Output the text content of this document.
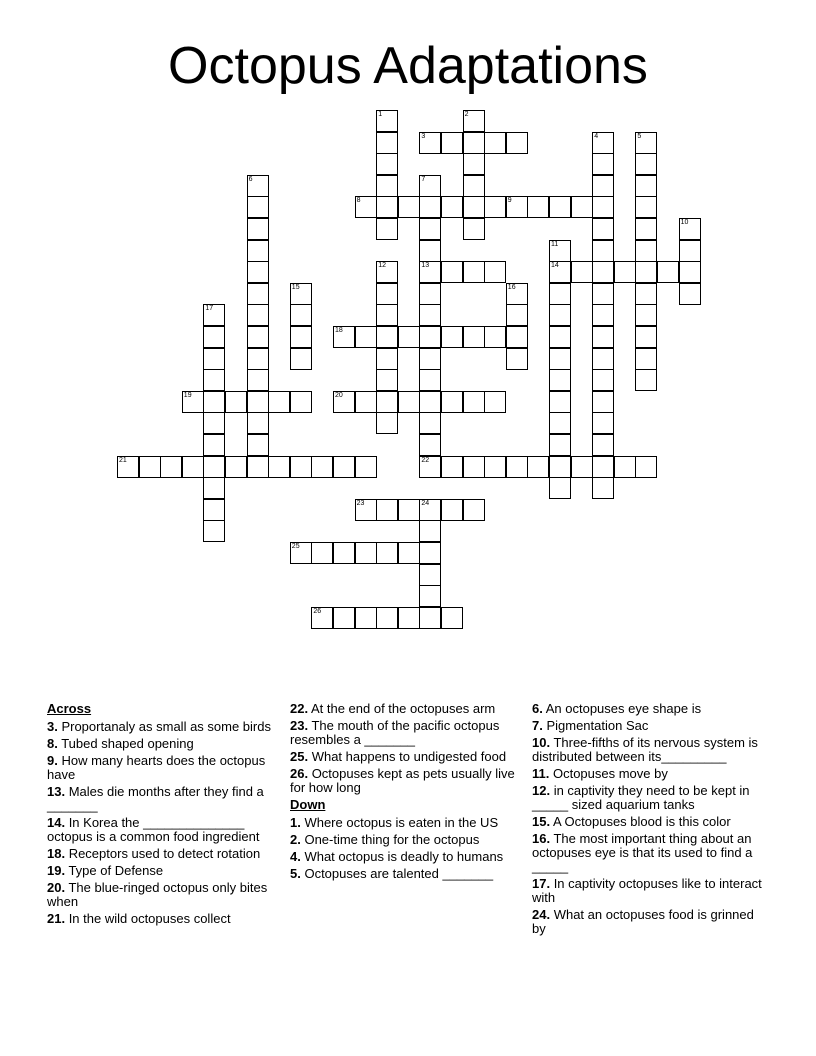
Octopus Adaptations
1	2
3	4	5
6	7
13
22
8	9
10
11
14
12
15	16
17
18
19	20
21
23	24
25
26
Across
3. Proportanaly as small as some birds
8. Tubed shaped opening
9. How many hearts does the octopus have
13. Males die months after they find a _______
14. In Korea the ______________ octopus is a common food ingredient
18. Receptors used to detect rotation
19. Type of Defense
20. The blue-ringed octopus only bites when
21. In the wild octopuses collect
22. At the end of the octopuses arm
23. The mouth of the pacific octopus resembles a _______
25. What happens to undigested food
26. Octopuses kept as pets usually live for how long
Down
1. Where octopus is eaten in the US
2. One-time thing for the octopus
4. What octopus is deadly to humans
5. Octopuses are talented _______
6. An octopuses eye shape is
7. Pigmentation Sac
10. Three-fifths of its nervous system is distributed between its_________
11. Octopuses move by
12. in captivity they need to be kept in _____ sized aquarium tanks
15. A Octopuses blood is this color
16. The most important thing about an octopuses eye is that its used to find a _____
17. In captivity octopuses like to interact with
24. What an octopuses food is grinned by
